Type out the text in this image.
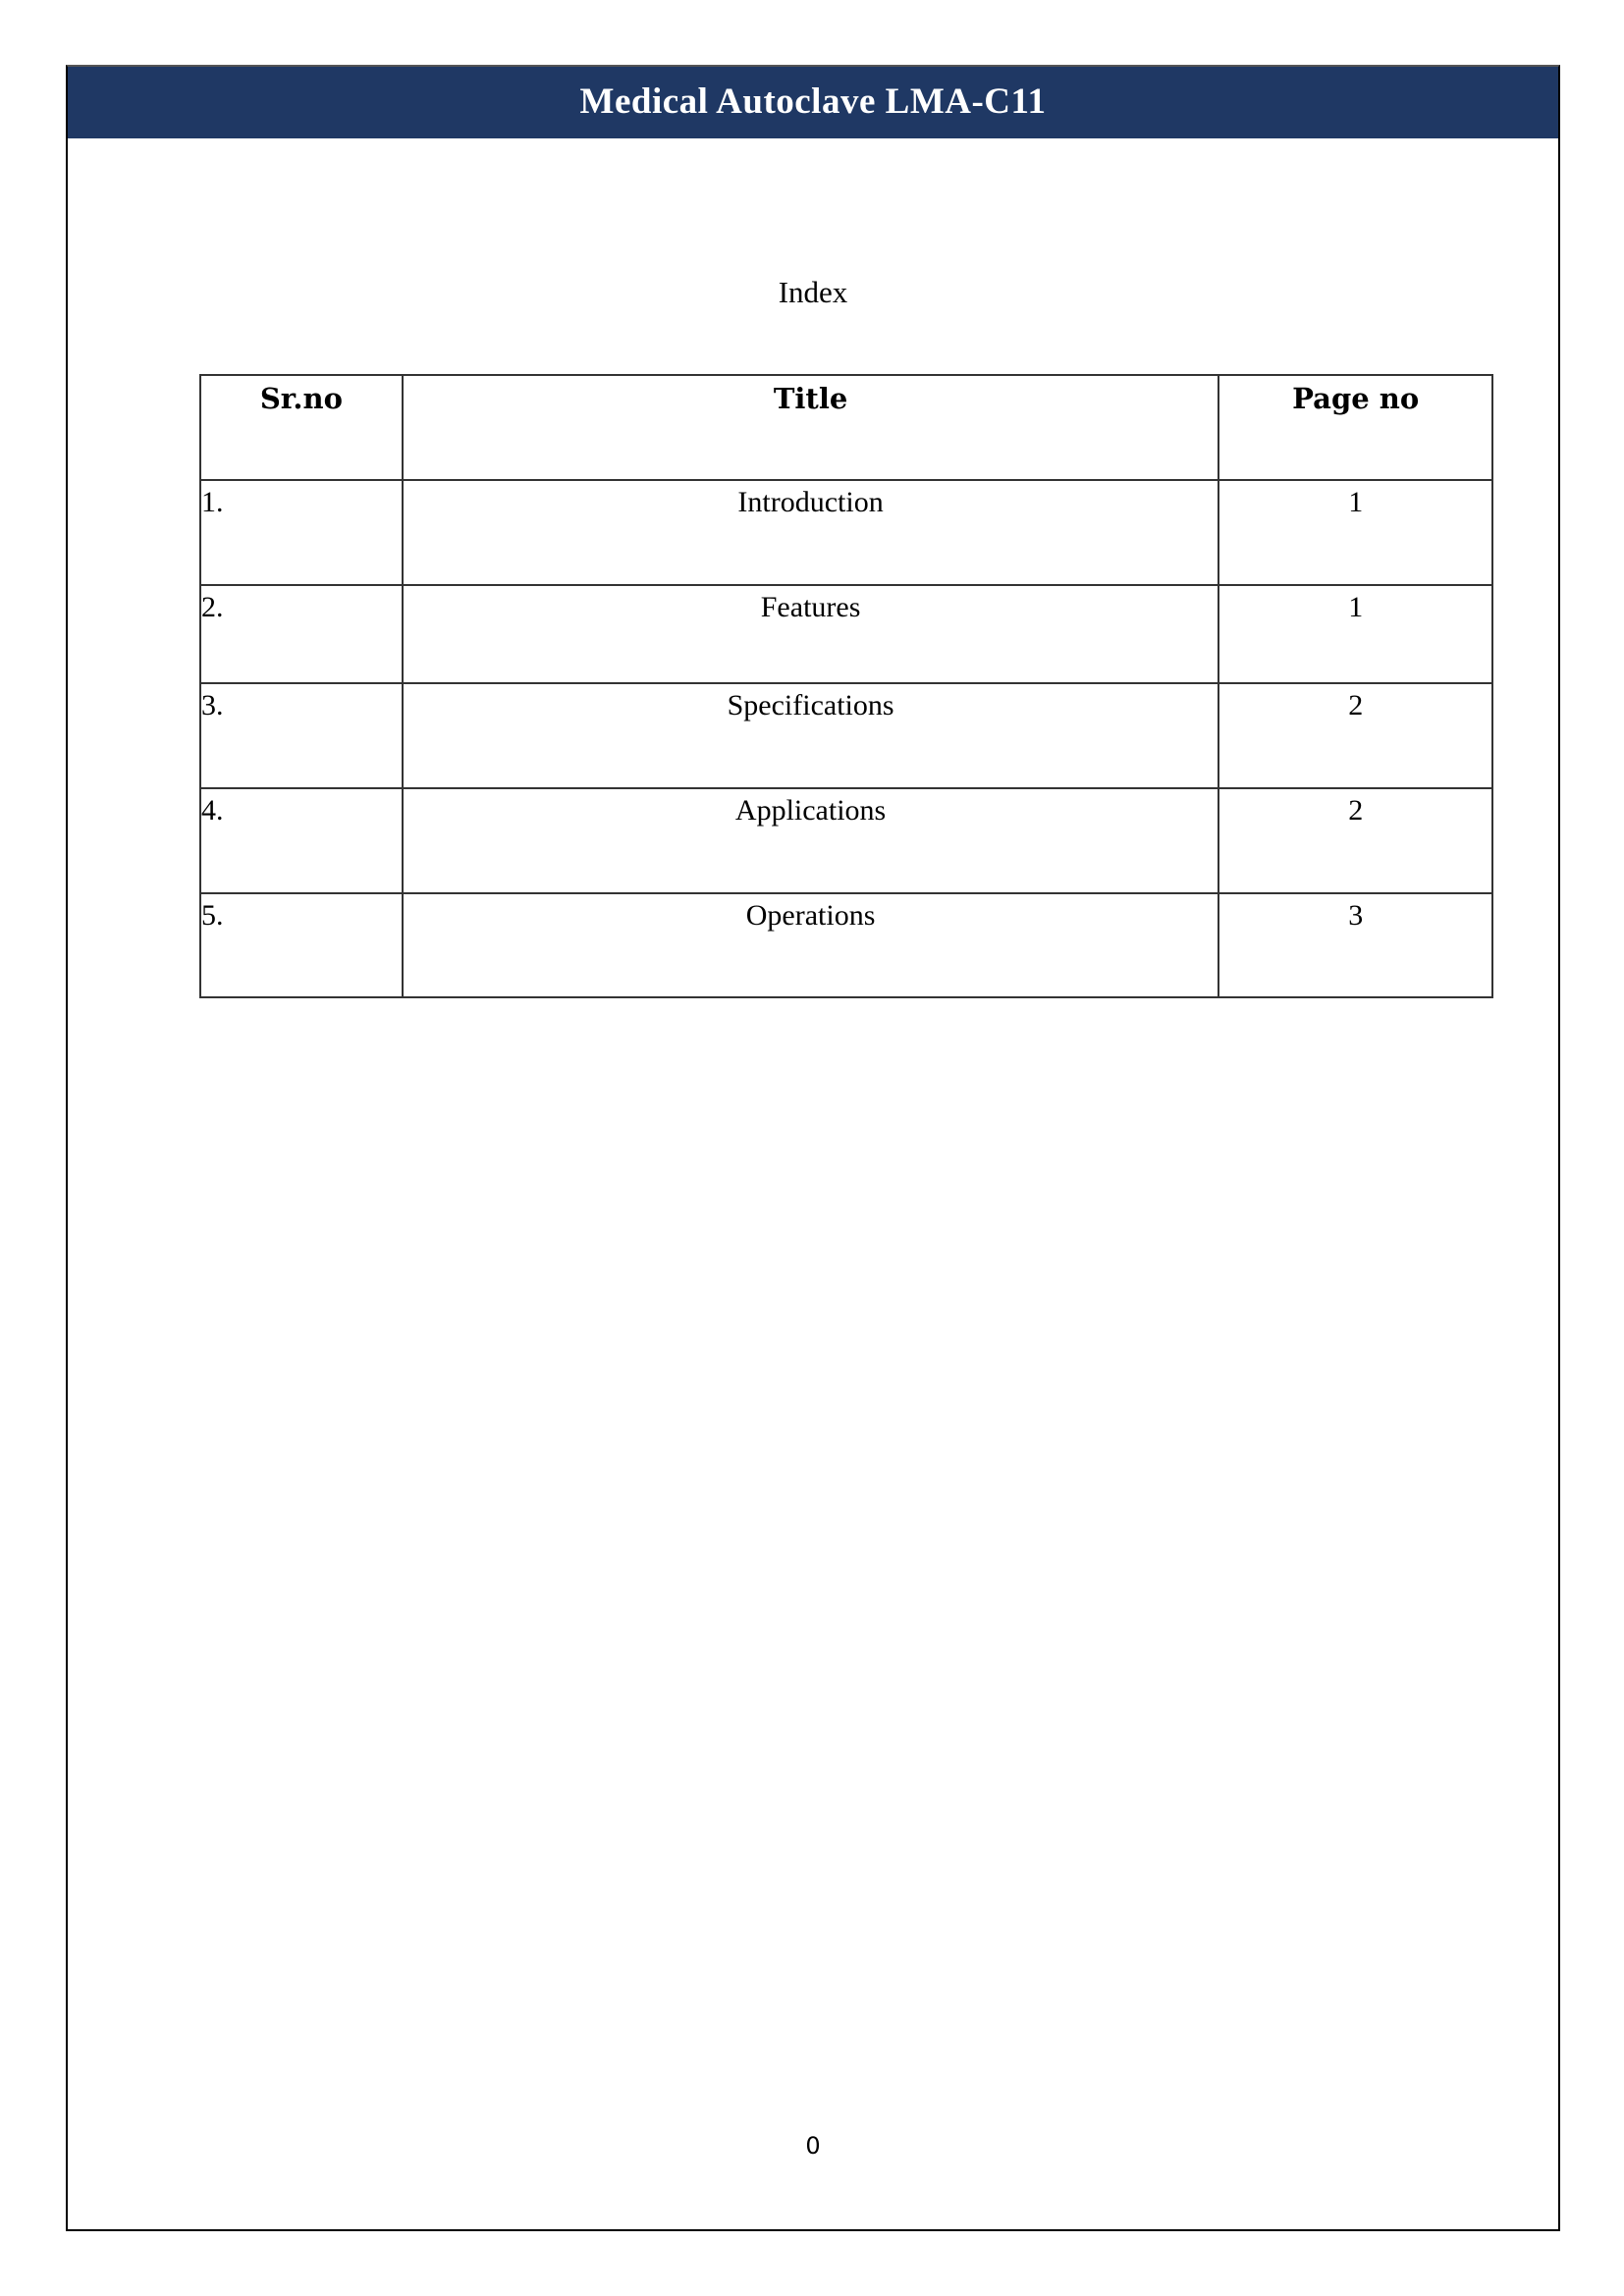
Medical Autoclave LMA-C11
Index
Sr.no	Title	Page no
1.	Introduction	1
2.	Features	1
3.	Specifications	2
4.	Applications	2
5.	Operations	3
0
